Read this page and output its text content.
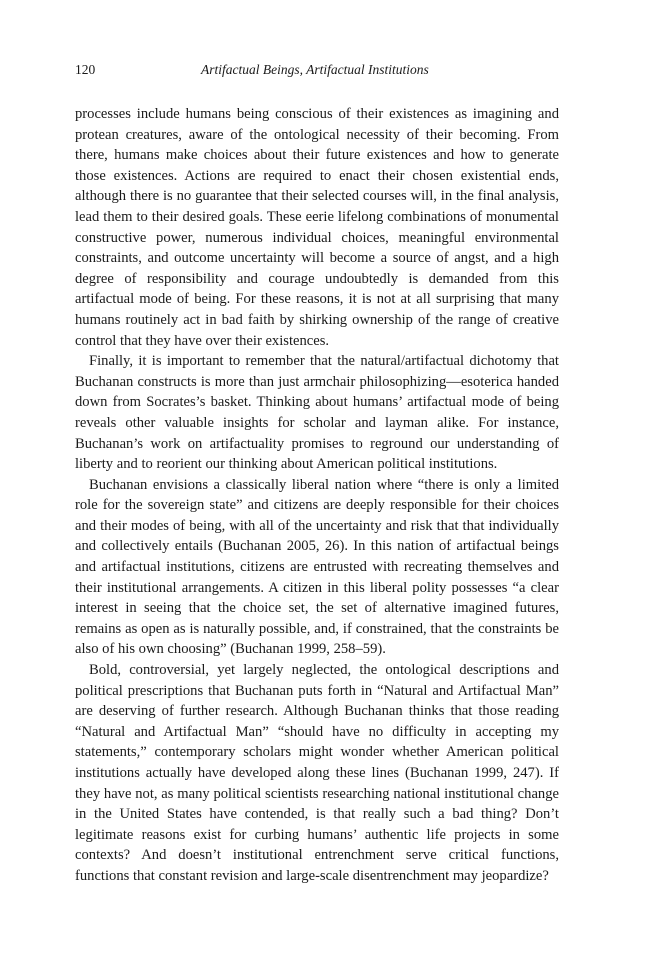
120	Artifactual Beings, Artifactual Institutions

processes include humans being conscious of their existences as imagining and protean creatures, aware of the ontological necessity of their becoming. From there, humans make choices about their future existences and how to generate those existences. Actions are required to enact their chosen existential ends, although there is no guarantee that their selected courses will, in the final analysis, lead them to their desired goals. These eerie lifelong combinations of monumental constructive power, numerous individual choices, meaningful environmental constraints, and outcome uncertainty will become a source of angst, and a high degree of responsibility and courage undoubtedly is demanded from this artifactual mode of being. For these reasons, it is not at all surprising that many humans routinely act in bad faith by shirking ownership of the range of creative control that they have over their existences.

Finally, it is important to remember that the natural/artifactual dichotomy that Buchanan constructs is more than just armchair philosophizing—esoterica handed down from Socrates’s basket. Thinking about humans’ artifactual mode of being reveals other valuable insights for scholar and layman alike. For instance, Buchanan’s work on artifactuality promises to reground our understanding of liberty and to reorient our thinking about American political institutions.

Buchanan envisions a classically liberal nation where “there is only a limited role for the sovereign state” and citizens are deeply responsible for their choices and their modes of being, with all of the uncertainty and risk that that individually and collectively entails (Buchanan 2005, 26). In this nation of artifactual beings and artifactual institutions, citizens are entrusted with recreating themselves and their institutional arrangements. A citizen in this liberal polity possesses “a clear interest in seeing that the choice set, the set of alternative imagined futures, remains as open as is naturally possible, and, if constrained, that the constraints be also of his own choosing” (Buchanan 1999, 258–59).

Bold, controversial, yet largely neglected, the ontological descriptions and political prescriptions that Buchanan puts forth in “Natural and Artifactual Man” are deserving of further research. Although Buchanan thinks that those reading “Natural and Artifactual Man” “should have no difficulty in accepting my statements,” contemporary scholars might wonder whether American political institutions actually have developed along these lines (Buchanan 1999, 247). If they have not, as many political scientists researching national institutional change in the United States have contended, is that really such a bad thing? Don’t legitimate reasons exist for curbing humans’ authentic life projects in some contexts? And doesn’t institutional entrenchment serve critical functions, functions that constant revision and large-scale disentrenchment may jeopardize?
